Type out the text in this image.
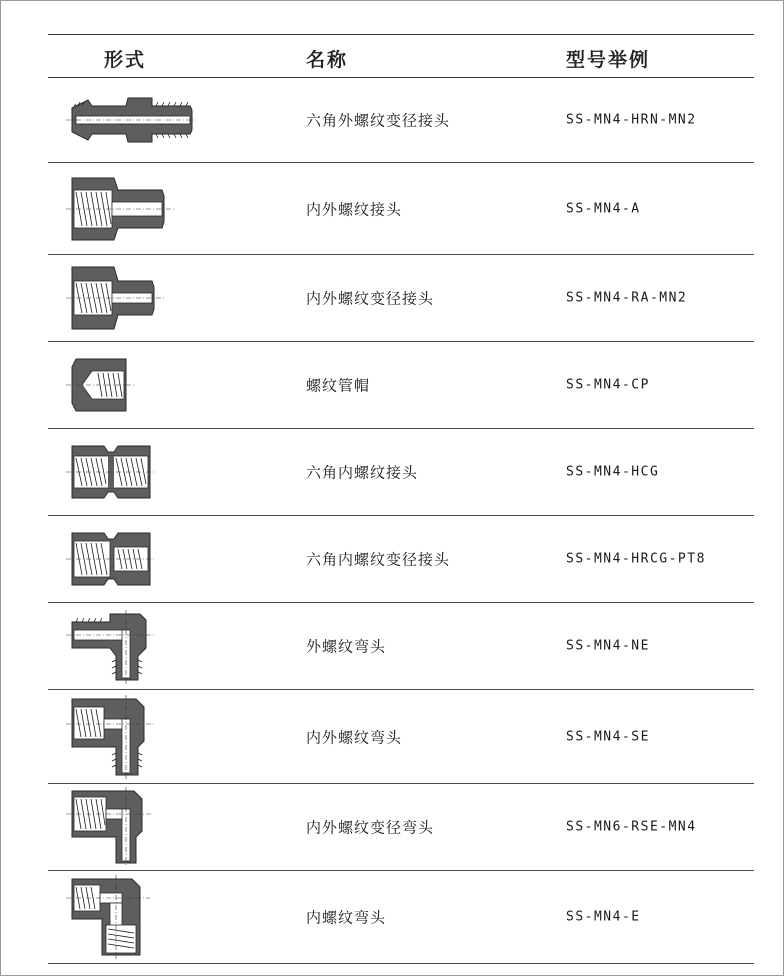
形式	名称	型号举例
六角外螺纹变径接头	SS-MN4-HRN-MN2
内外螺纹接头	SS-MN4-A
内外螺纹变径接头	SS-MN4-RA-MN2
螺纹管帽	SS-MN4-CP
六角内螺纹接头	SS-MN4-HCG
六角内螺纹变径接头	SS-MN4-HRCG-PT8
外螺纹弯头	SS-MN4-NE
内外螺纹弯头	SS-MN4-SE
内外螺纹变径弯头	SS-MN6-RSE-MN4
内螺纹弯头	SS-MN4-E
